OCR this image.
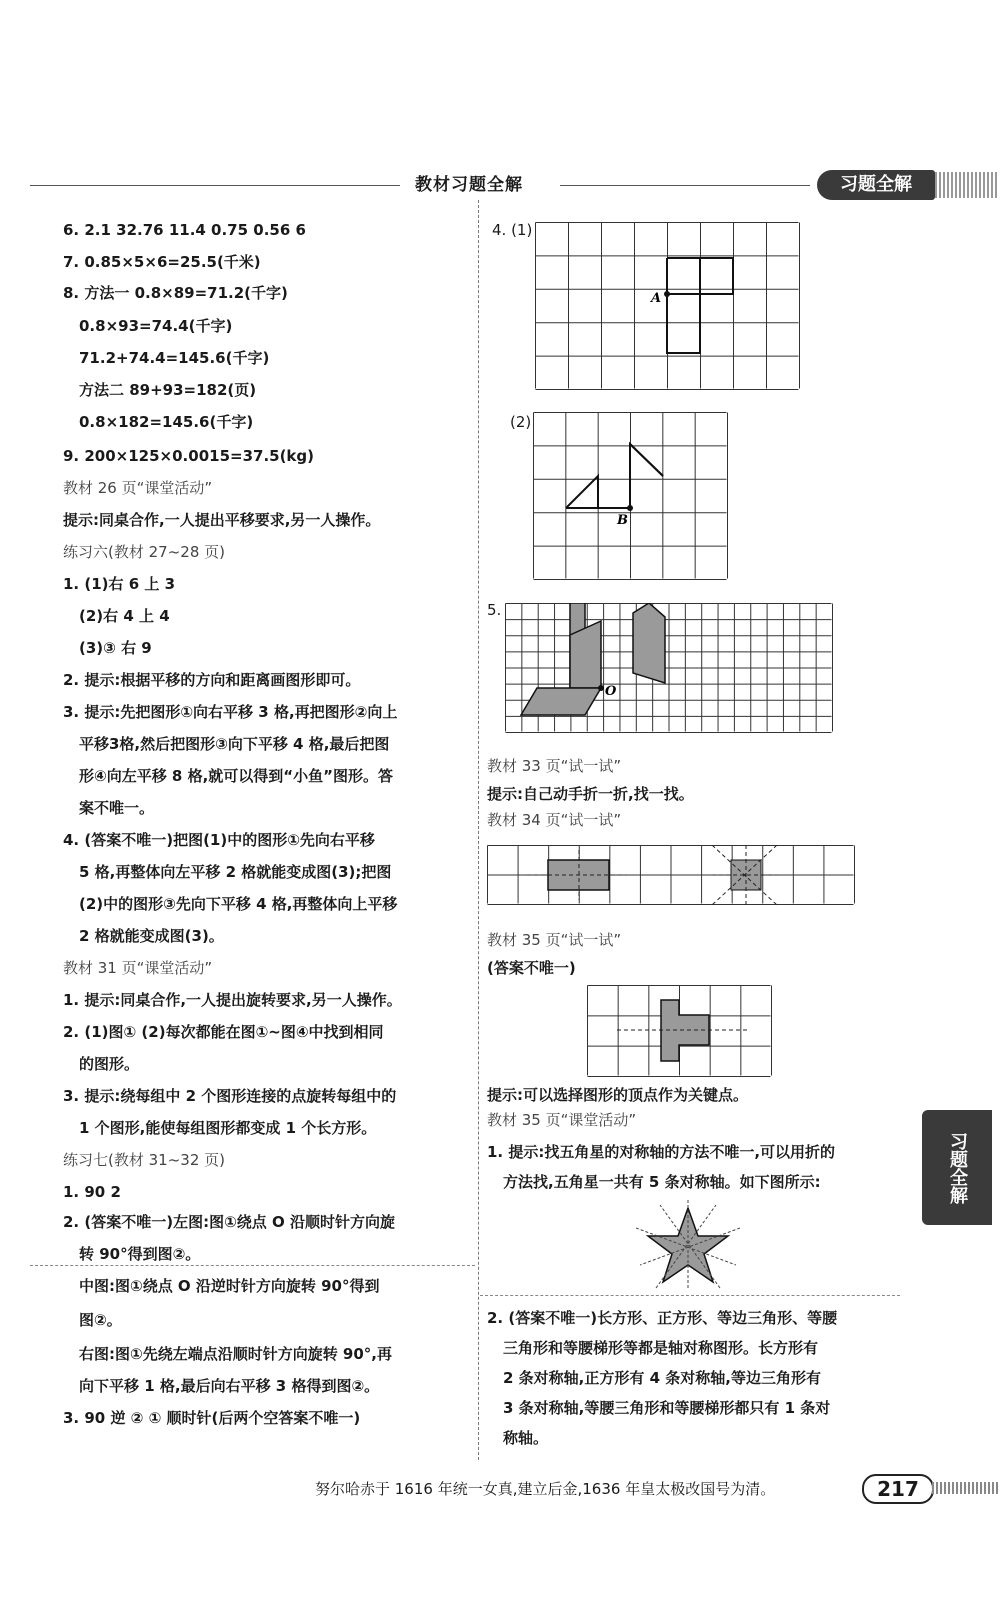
教材习题全解	习题全解
6. 2.1 32.76 11.4 0.75 0.56 6
7. 0.85×5×6=25.5(千米)
8. 方法一 0.8×89=71.2(千字)
0.8×93=74.4(千字)
71.2+74.4=145.6(千字)
方法二 89+93=182(页)
0.8×182=145.6(千字)
9. 200×125×0.0015=37.5(kg)
教材 26 页“课堂活动”
提示:同桌合作,一人提出平移要求,另一人操作。
练习六(教材 27~28 页)
1. (1)右 6 上 3
(2)右 4 上 4
(3)③ 右 9
2. 提示:根据平移的方向和距离画图形即可。
3. 提示:先把图形①向右平移 3 格,再把图形②向上
平移3格,然后把图形③向下平移 4 格,最后把图
形④向左平移 8 格,就可以得到“小鱼”图形。答
案不唯一。
4. (答案不唯一)把图(1)中的图形①先向右平移
5 格,再整体向左平移 2 格就能变成图(3);把图
(2)中的图形③先向下平移 4 格,再整体向上平移
2 格就能变成图(3)。
教材 31 页“课堂活动”
1. 提示:同桌合作,一人提出旋转要求,另一人操作。
2. (1)图① (2)每次都能在图①~图④中找到相同
的图形。
3. 提示:绕每组中 2 个图形连接的点旋转每组中的
1 个图形,能使每组图形都变成 1 个长方形。
练习七(教材 31~32 页)
1. 90 2
2. (答案不唯一)左图:图①绕点 O 沿顺时针方向旋
转 90°得到图②。
中图:图①绕点 O 沿逆时针方向旋转 90°得到
图②。
右图:图①先绕左端点沿顺时针方向旋转 90°,再
向下平移 1 格,最后向右平移 3 格得到图②。
3. 90 逆 ② ① 顺时针(后两个空答案不唯一)
4. (1)
A
(2)
B
5.
O
教材 33 页“试一试”
提示:自己动手折一折,找一找。
教材 34 页“试一试”
教材 35 页“试一试”
(答案不唯一)
提示:可以选择图形的顶点作为关键点。
教材 35 页“课堂活动”
1. 提示:找五角星的对称轴的方法不唯一,可以用折的
方法找,五角星一共有 5 条对称轴。如下图所示:
2. (答案不唯一)长方形、正方形、等边三角形、等腰
三角形和等腰梯形等都是轴对称图形。长方形有
2 条对称轴,正方形有 4 条对称轴,等边三角形有
3 条对称轴,等腰三角形和等腰梯形都只有 1 条对
称轴。
习题全解
努尔哈赤于 1616 年统一女真,建立后金,1636 年皇太极改国号为清。	217
